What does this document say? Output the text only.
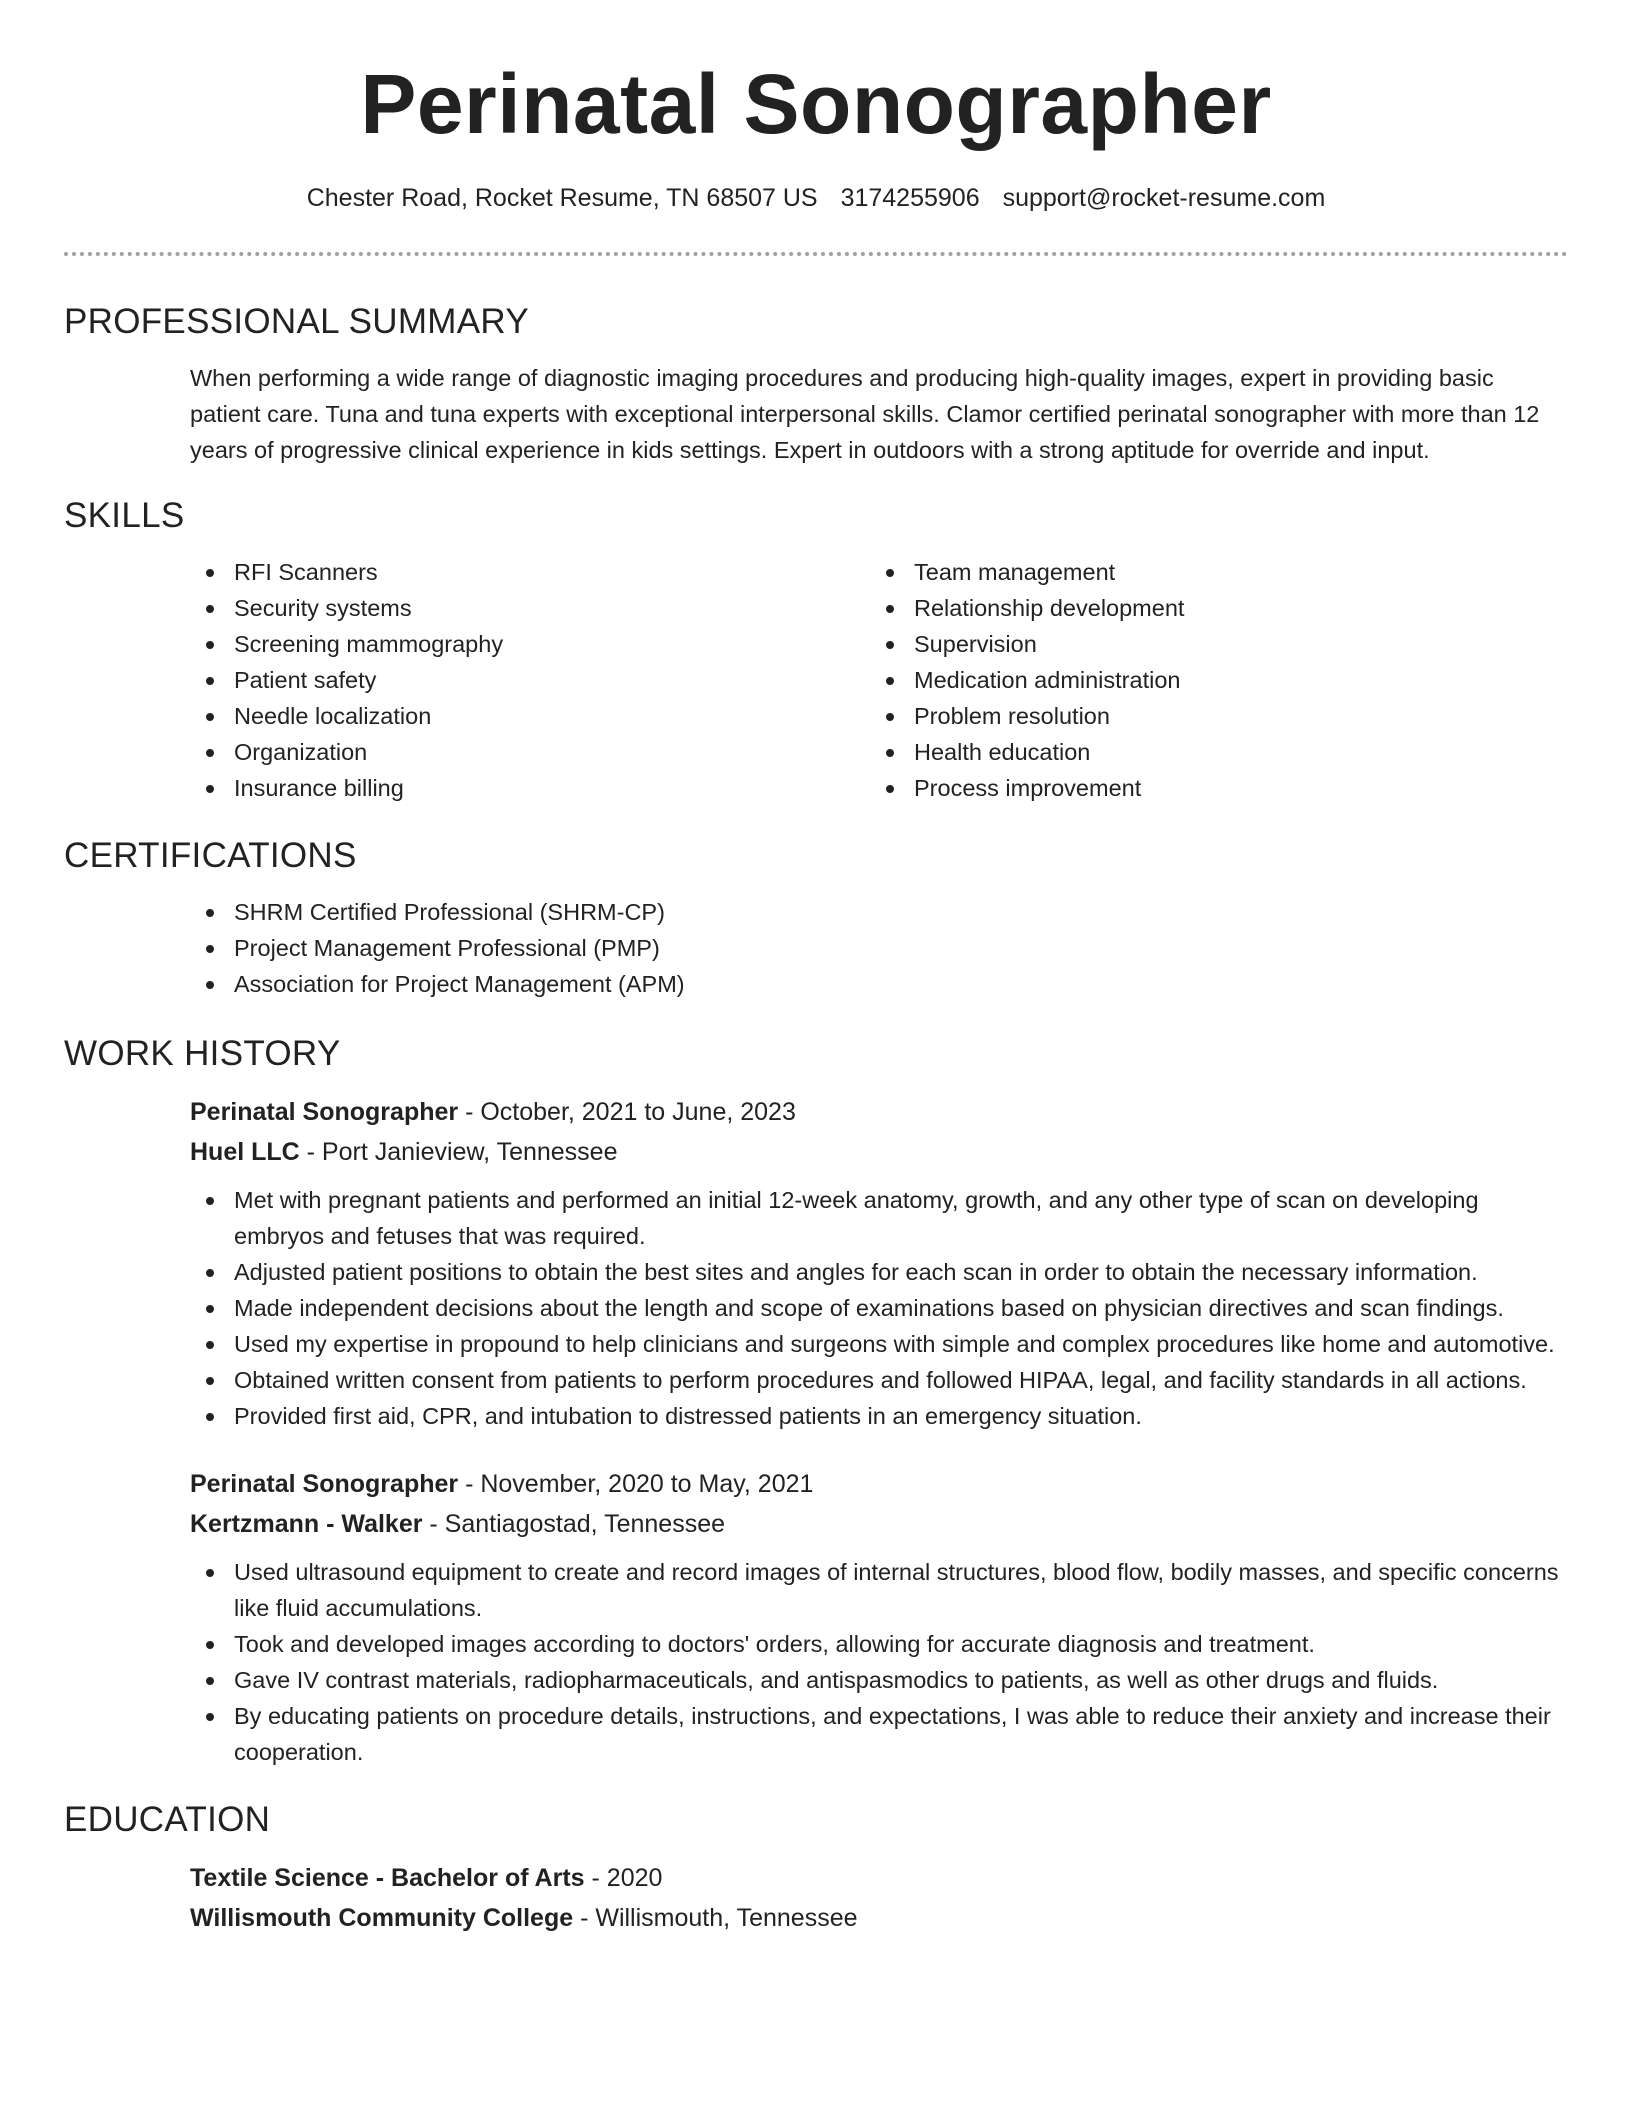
Perinatal Sonographer
Chester Road, Rocket Resume, TN 68507 US 3174255906 support@rocket-resume.com
PROFESSIONAL SUMMARY

When performing a wide range of diagnostic imaging procedures and producing high-quality images, expert in providing basic patient care. Tuna and tuna experts with exceptional interpersonal skills. Clamor certified perinatal sonographer with more than 12 years of progressive clinical experience in kids settings. Expert in outdoors with a strong aptitude for override and input.

SKILLS
RFI Scanners
Security systems
Screening mammography
Patient safety
Needle localization
Organization
Insurance billing
Team management
Relationship development
Supervision
Medication administration
Problem resolution
Health education
Process improvement
CERTIFICATIONS
SHRM Certified Professional (SHRM-CP)
Project Management Professional (PMP)
Association for Project Management (APM)
WORK HISTORY
Perinatal Sonographer - October, 2021 to June, 2023
Huel LLC - Port Janieview, Tennessee
Met with pregnant patients and performed an initial 12-week anatomy, growth, and any other type of scan on developing embryos and fetuses that was required.
Adjusted patient positions to obtain the best sites and angles for each scan in order to obtain the necessary information.
Made independent decisions about the length and scope of examinations based on physician directives and scan findings.
Used my expertise in propound to help clinicians and surgeons with simple and complex procedures like home and automotive.
Obtained written consent from patients to perform procedures and followed HIPAA, legal, and facility standards in all actions.
Provided first aid, CPR, and intubation to distressed patients in an emergency situation.
Perinatal Sonographer - November, 2020 to May, 2021
Kertzmann - Walker - Santiagostad, Tennessee
Used ultrasound equipment to create and record images of internal structures, blood flow, bodily masses, and specific concerns like fluid accumulations.
Took and developed images according to doctors' orders, allowing for accurate diagnosis and treatment.
Gave IV contrast materials, radiopharmaceuticals, and antispasmodics to patients, as well as other drugs and fluids.
By educating patients on procedure details, instructions, and expectations, I was able to reduce their anxiety and increase their cooperation.
EDUCATION
Textile Science - Bachelor of Arts - 2020
Willismouth Community College - Willismouth, Tennessee
